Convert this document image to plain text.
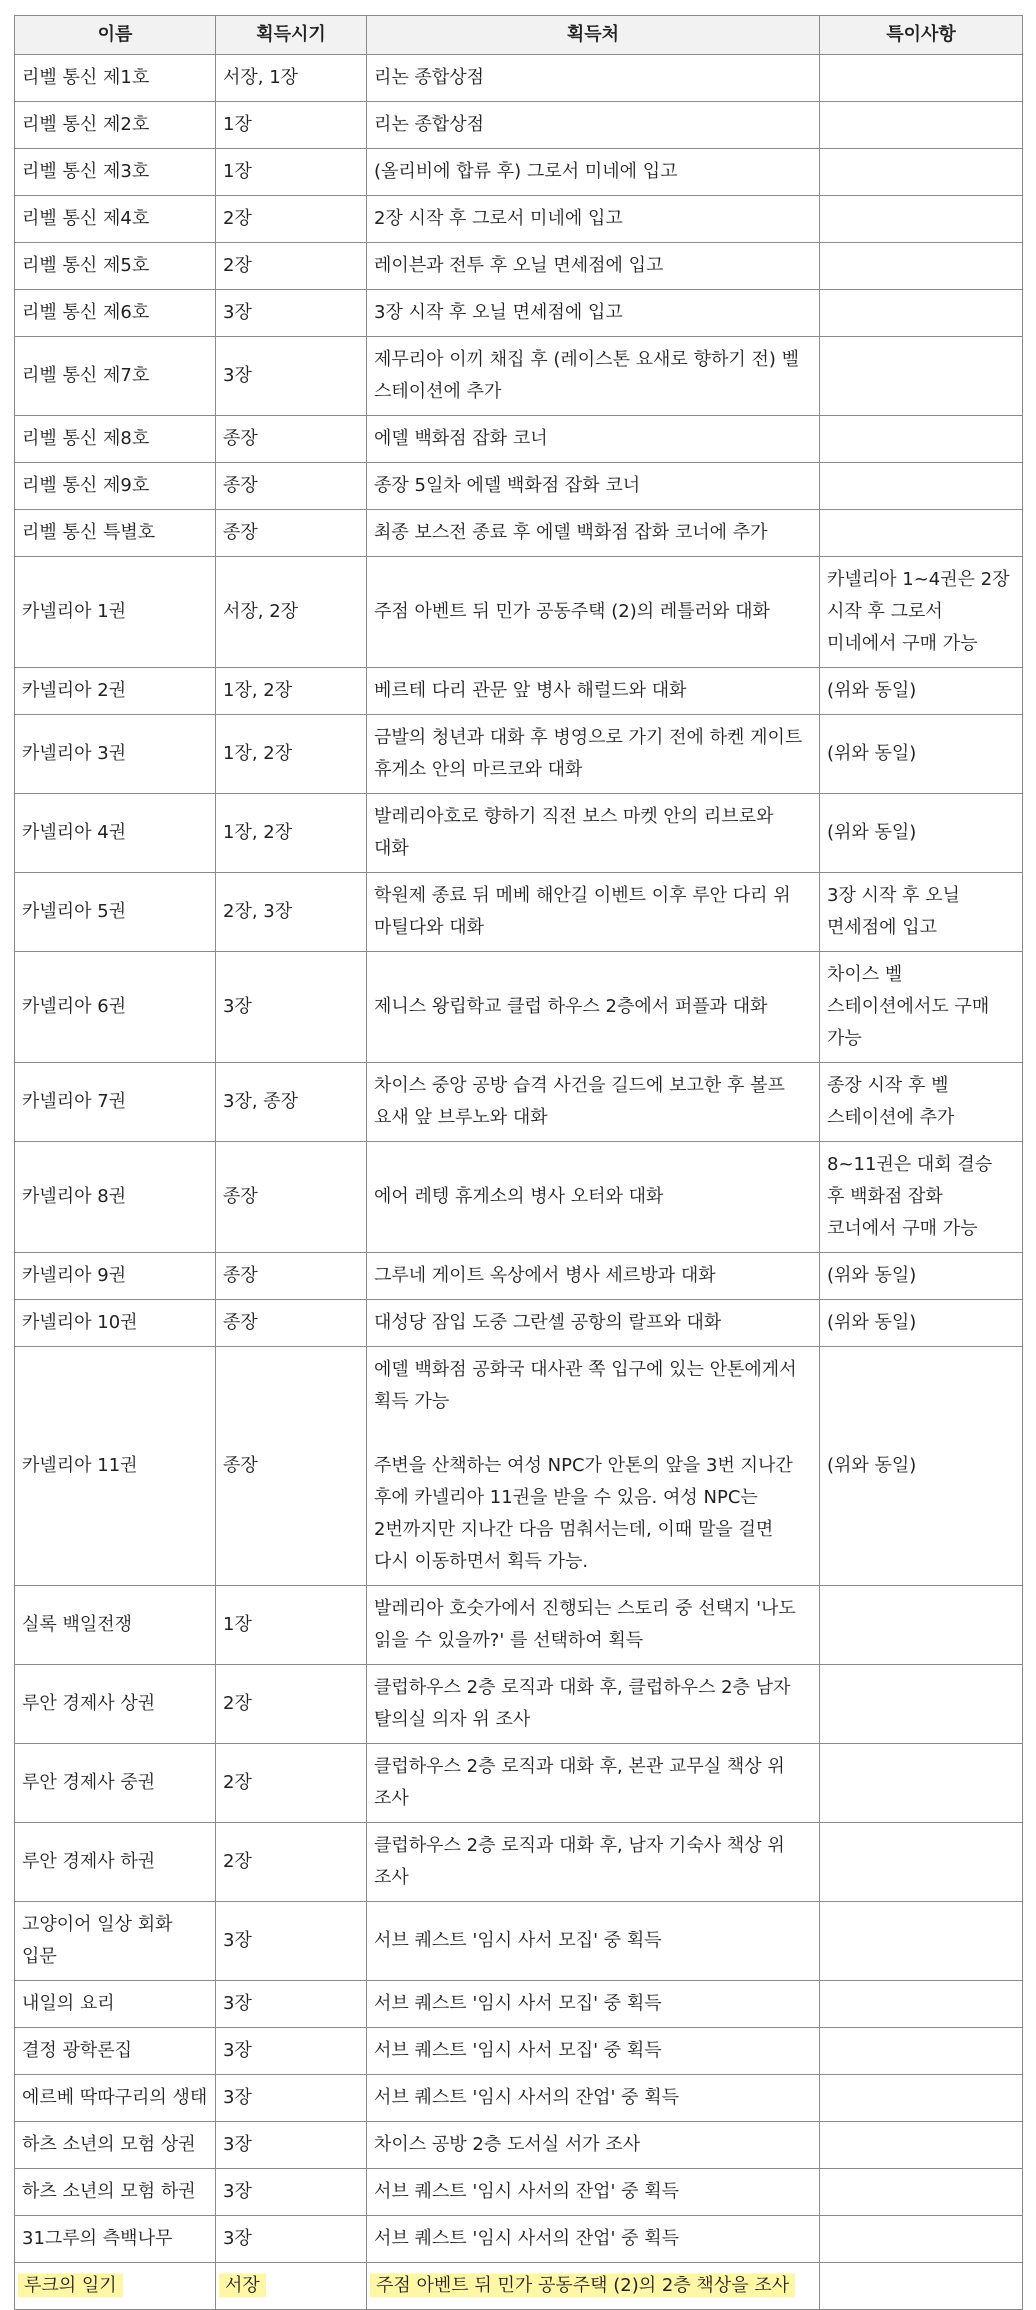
이름	획득시기	획득처	특이사항
리벨 통신 제1호	서장, 1장	리논 종합상점	
리벨 통신 제2호	1장	리논 종합상점	
리벨 통신 제3호	1장	(올리비에 합류 후) 그로서 미네에 입고	
리벨 통신 제4호	2장	2장 시작 후 그로서 미네에 입고	
리벨 통신 제5호	2장	레이븐과 전투 후 오닐 면세점에 입고	
리벨 통신 제6호	3장	3장 시작 후 오닐 면세점에 입고	
리벨 통신 제7호	3장	제무리아 이끼 채집 후 (레이스톤 요새로 향하기 전) 벨 스테이션에 추가	
리벨 통신 제8호	종장	에델 백화점 잡화 코너	
리벨 통신 제9호	종장	종장 5일차 에델 백화점 잡화 코너	
리벨 통신 특별호	종장	최종 보스전 종료 후 에델 백화점 잡화 코너에 추가	
카넬리아 1권	서장, 2장	주점 아벤트 뒤 민가 공동주택 (2)의 레틀러와 대화	카넬리아 1~4권은 2장 시작 후 그로서 미네에서 구매 가능
카넬리아 2권	1장, 2장	베르테 다리 관문 앞 병사 해럴드와 대화	(위와 동일)
카넬리아 3권	1장, 2장	금발의 청년과 대화 후 병영으로 가기 전에 하켄 게이트 휴게소 안의 마르코와 대화	(위와 동일)
카넬리아 4권	1장, 2장	발레리아호로 향하기 직전 보스 마켓 안의 리브로와 대화	(위와 동일)
카넬리아 5권	2장, 3장	학원제 종료 뒤 메베 해안길 이벤트 이후 루안 다리 위 마틸다와 대화	3장 시작 후 오닐 면세점에 입고
카넬리아 6권	3장	제니스 왕립학교 클럽 하우스 2층에서 퍼플과 대화	차이스 벨 스테이션에서도 구매 가능
카넬리아 7권	3장, 종장	차이스 중앙 공방 습격 사건을 길드에 보고한 후 볼프 요새 앞 브루노와 대화	종장 시작 후 벨 스테이션에 추가
카넬리아 8권	종장	에어 레텡 휴게소의 병사 오터와 대화	8~11권은 대회 결승 후 백화점 잡화 코너에서 구매 가능
카넬리아 9권	종장	그루네 게이트 옥상에서 병사 세르방과 대화	(위와 동일)
카넬리아 10권	종장	대성당 잠입 도중 그란셀 공항의 랄프와 대화	(위와 동일)
카넬리아 11권	종장	에델 백화점 공화국 대사관 쪽 입구에 있는 안톤에게서 획득 가능
주변을 산책하는 여성 NPC가 안톤의 앞을 3번 지나간 후에 카넬리아 11권을 받을 수 있음. 여성 NPC는 2번까지만 지나간 다음 멈춰서는데, 이때 말을 걸면 다시 이동하면서 획득 가능.	(위와 동일)
실록 백일전쟁	1장	발레리아 호숫가에서 진행되는 스토리 중 선택지 '나도 읽을 수 있을까?' 를 선택하여 획득	
루안 경제사 상권	2장	클럽하우스 2층 로직과 대화 후, 클럽하우스 2층 남자 탈의실 의자 위 조사	
루안 경제사 중권	2장	클럽하우스 2층 로직과 대화 후, 본관 교무실 책상 위 조사	
루안 경제사 하권	2장	클럽하우스 2층 로직과 대화 후, 남자 기숙사 책상 위 조사	
고양이어 일상 회화 입문	3장	서브 퀘스트 '임시 사서 모집' 중 획득	
내일의 요리	3장	서브 퀘스트 '임시 사서 모집' 중 획득	
결정 광학론집	3장	서브 퀘스트 '임시 사서 모집' 중 획득	
에르베 딱따구리의 생태	3장	서브 퀘스트 '임시 사서의 잔업' 중 획득	
하츠 소년의 모험 상권	3장	차이스 공방 2층 도서실 서가 조사	
하츠 소년의 모험 하권	3장	서브 퀘스트 '임시 사서의 잔업' 중 획득	
31그루의 측백나무	3장	서브 퀘스트 '임시 사서의 잔업' 중 획득	
루크의 일기	서장	주점 아벤트 뒤 민가 공동주택 (2)의 2층 책상을 조사	
